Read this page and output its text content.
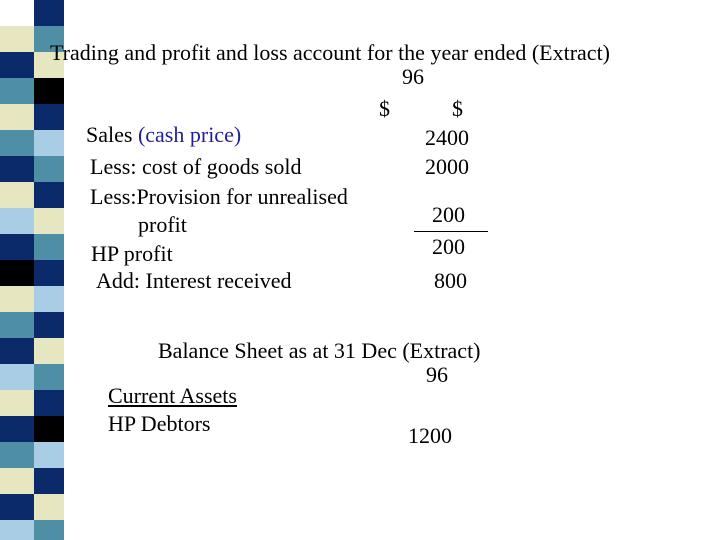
Trading and profit and loss account for the year ended (Extract)
96
$	$
Sales (cash price)	2400
Less: cost of goods sold	2000
Less:Provision for unrealised
profit	200
HP profit	200
Add: Interest received	800
Balance Sheet as at 31 Dec (Extract)
96
Current Assets
HP Debtors	1200
